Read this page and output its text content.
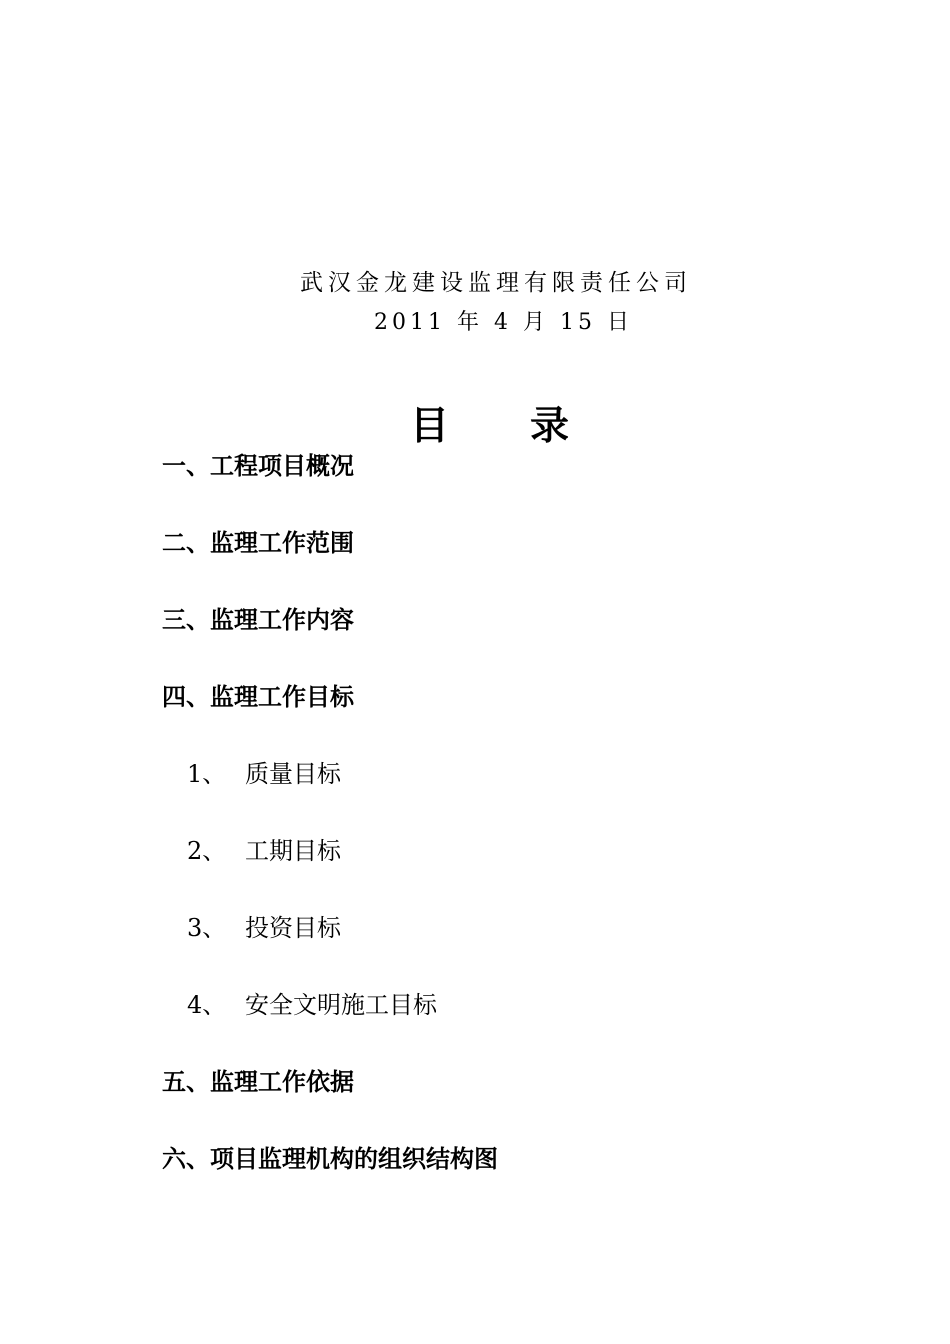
武汉金龙建设监理有限责任公司
2011 年 4 月 15 日
目 录
一、工程项目概况
二、监理工作范围
三、监理工作内容
四、监理工作目标
1、 质量目标
2、 工期目标
3、 投资目标
4、 安全文明施工目标
五、监理工作依据
六、项目监理机构的组织结构图
